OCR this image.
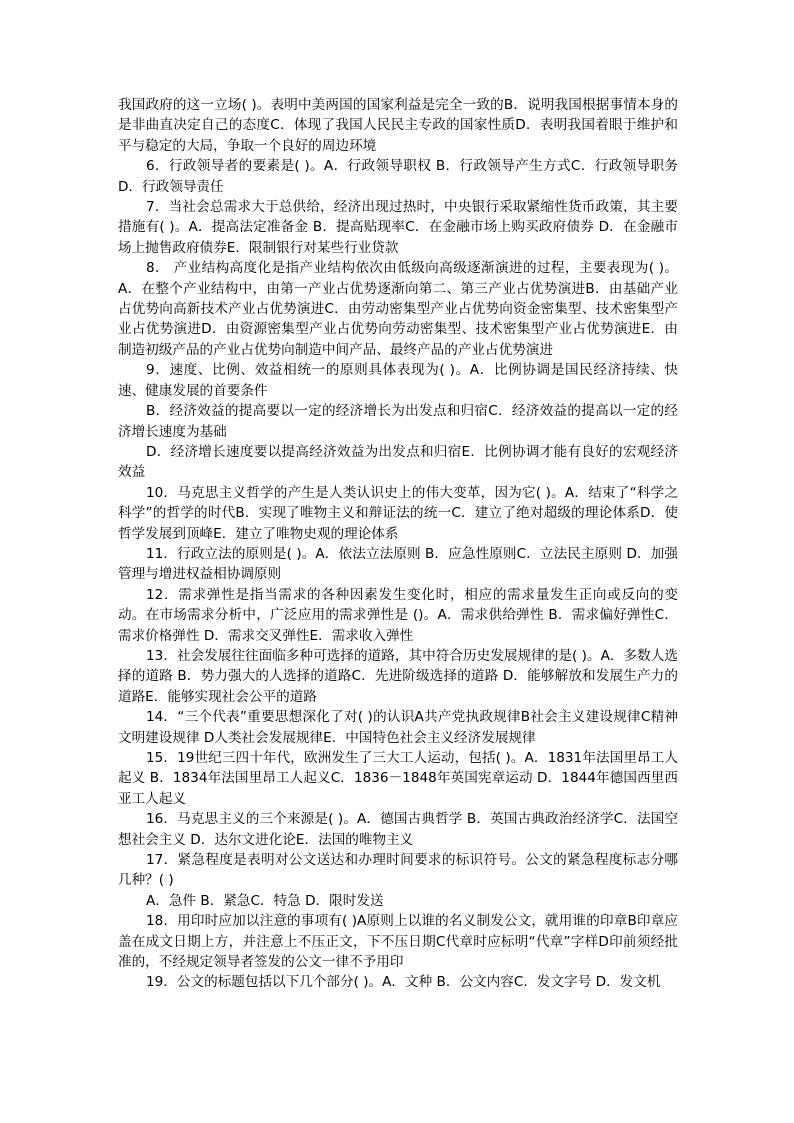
我国政府的这一立场( )。表明中美两国的国家利益是完全一致的B．说明我国根据事情本身的是非曲直决定自己的态度C．体现了我国人民民主专政的国家性质D．表明我国着眼于维护和平与稳定的大局，争取一个良好的周边环境

6．行政领导者的要素是( )。A．行政领导职权 B．行政领导产生方式C．行政领导职务 D．行政领导责任

7．当社会总需求大于总供给，经济出现过热时，中央银行采取紧缩性货币政策，其主要措施有( )。A．提高法定准备金 B．提高贴现率C．在金融市场上购买政府债券 D．在金融市场上抛售政府债券E．限制银行对某些行业贷款

8． 产业结构高度化是指产业结构依次由低级向高级逐渐演进的过程，主要表现为( )。A．在整个产业结构中，由第一产业占优势逐渐向第二、第三产业占优势演进B．由基础产业占优势向高新技术产业占优势演进C．由劳动密集型产业占优势向资金密集型、技术密集型产业占优势演进D．由资源密集型产业占优势向劳动密集型、技术密集型产业占优势演进E．由制造初级产品的产业占优势向制造中间产品、最终产品的产业占优势演进

9．速度、比例、效益相统一的原则具体表现为( )。A．比例协调是国民经济持续、快速、健康发展的首要条件

B．经济效益的提高要以一定的经济增长为出发点和归宿C．经济效益的提高以一定的经济增长速度为基础

D．经济增长速度要以提高经济效益为出发点和归宿E．比例协调才能有良好的宏观经济效益

10．马克思主义哲学的产生是人类认识史上的伟大变革，因为它( )。A．结束了“科学之科学”的哲学的时代B．实现了唯物主义和辩证法的统一C．建立了绝对超级的理论体系D．使哲学发展到顶峰E．建立了唯物史观的理论体系

11．行政立法的原则是( )。A．依法立法原则 B．应急性原则C．立法民主原则 D．加强管理与增进权益相协调原则

12．需求弹性是指当需求的各种因素发生变化时，相应的需求量发生正向或反向的变动。在市场需求分析中，广泛应用的需求弹性是 ()。A．需求供给弹性 B．需求偏好弹性C．需求价格弹性 D．需求交叉弹性E．需求收入弹性

13．社会发展往往面临多种可选择的道路，其中符合历史发展规律的是( )。A．多数人选择的道路 B．势力强大的人选择的道路C．先进阶级选择的道路 D．能够解放和发展生产力的道路E．能够实现社会公平的道路

14．“三个代表”重要思想深化了对( )的认识A共产党执政规律B社会主义建设规律C精神文明建设规律 D人类社会发展规律E．中国特色社会主义经济发展规律

15．19世纪三四十年代，欧洲发生了三大工人运动，包括( )。A．1831年法国里昂工人起义 B．1834年法国里昂工人起义C．1836－1848年英国宪章运动 D．1844年德国西里西亚工人起义

16．马克思主义的三个来源是( )。A．德国古典哲学 B．英国古典政治经济学C．法国空想社会主义 D．达尔文进化论E．法国的唯物主义

17．紧急程度是表明对公文送达和办理时间要求的标识符号。公文的紧急程度标志分哪几种？( )

A．急件 B．紧急C．特急 D．限时发送

18．用印时应加以注意的事项有( )A原则上以谁的名义制发公文，就用谁的印章B印章应盖在成文日期上方，并注意上不压正文，下不压日期C代章时应标明“代章”字样D印前须经批准的，不经规定领导者签发的公文一律不予用印

19．公文的标题包括以下几个部分( )。A．文种 B．公文内容C．发文字号 D．发文机
